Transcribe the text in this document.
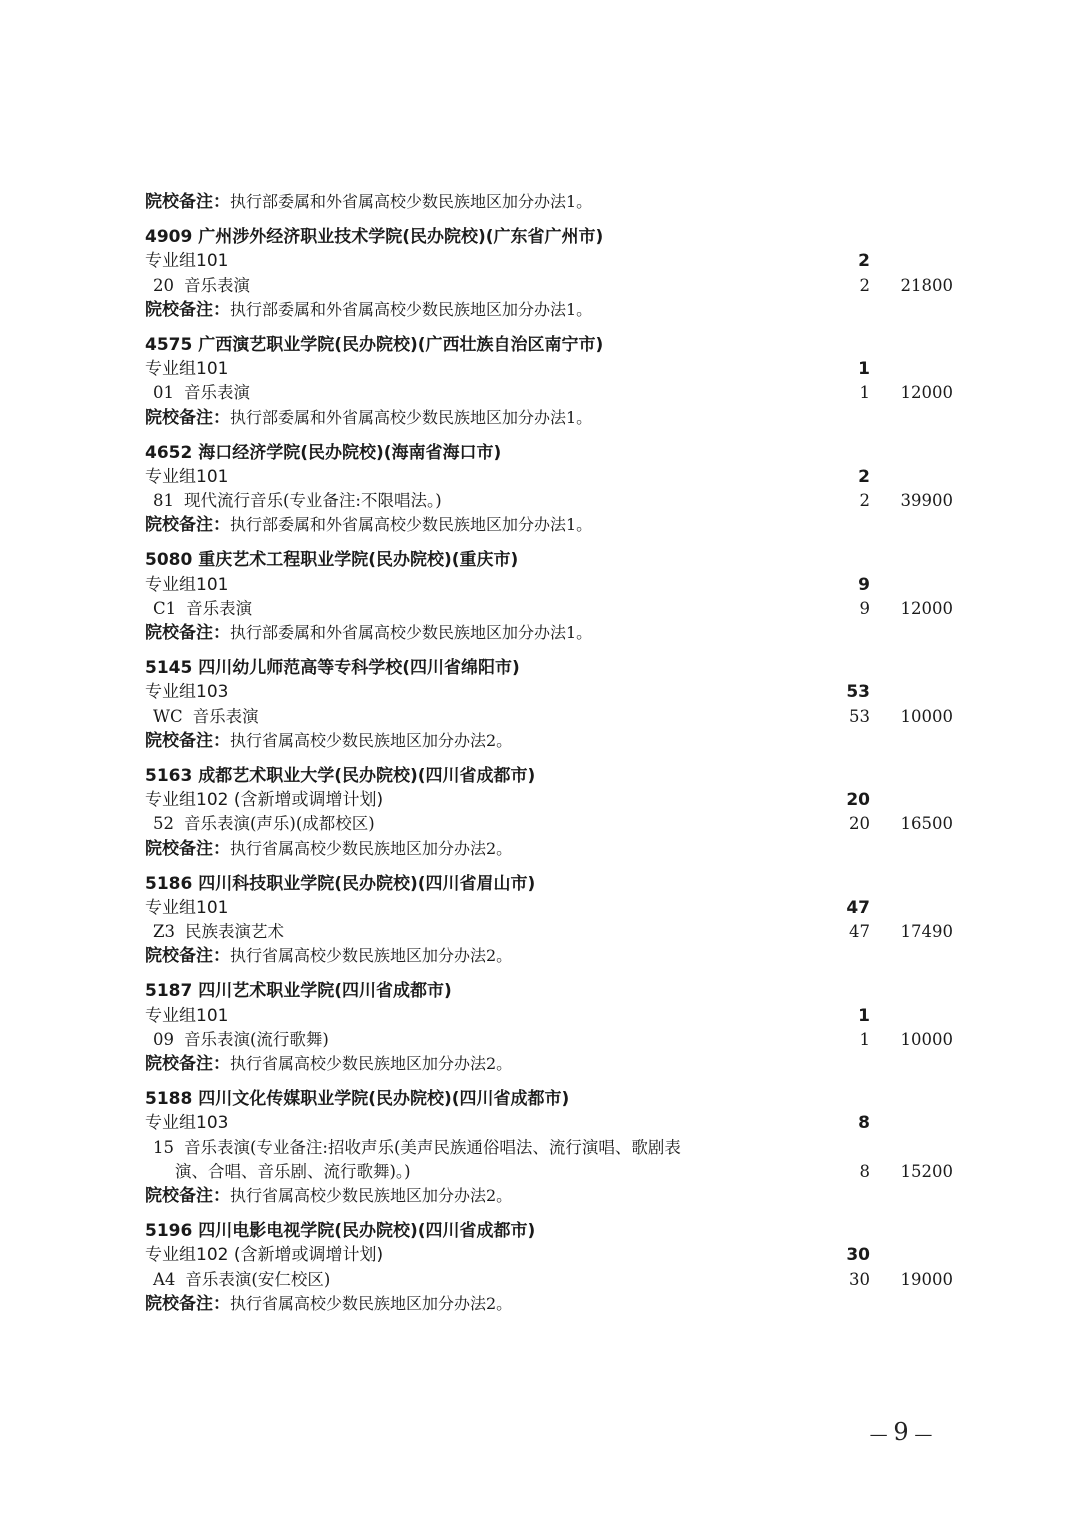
院校备注：执行部委属和外省属高校少数民族地区加分办法1。
4909 广州涉外经济职业技术学院(民办院校)(广东省广州市)
专业组101	2
20 音乐表演	2 21800
院校备注：执行部委属和外省属高校少数民族地区加分办法1。
4575 广西演艺职业学院(民办院校)(广西壮族自治区南宁市)
专业组101	1
01 音乐表演	1 12000
院校备注：执行部委属和外省属高校少数民族地区加分办法1。
4652 海口经济学院(民办院校)(海南省海口市)
专业组101	2
81 现代流行音乐(专业备注:不限唱法。)	2 39900
院校备注：执行部委属和外省属高校少数民族地区加分办法1。
5080 重庆艺术工程职业学院(民办院校)(重庆市)
专业组101	9
C1 音乐表演	9 12000
院校备注：执行部委属和外省属高校少数民族地区加分办法1。
5145 四川幼儿师范高等专科学校(四川省绵阳市)
专业组103	53
WC 音乐表演	53 10000
院校备注：执行省属高校少数民族地区加分办法2。
5163 成都艺术职业大学(民办院校)(四川省成都市)
专业组102 (含新增或调增计划)	20
52 音乐表演(声乐)(成都校区)	20 16500
院校备注：执行省属高校少数民族地区加分办法2。
5186 四川科技职业学院(民办院校)(四川省眉山市)
专业组101	47
Z3 民族表演艺术	47 17490
院校备注：执行省属高校少数民族地区加分办法2。
5187 四川艺术职业学院(四川省成都市)
专业组101	1
09 音乐表演(流行歌舞)	1 10000
院校备注：执行省属高校少数民族地区加分办法2。
5188 四川文化传媒职业学院(民办院校)(四川省成都市)
专业组103	8
15 音乐表演(专业备注:招收声乐(美声民族通俗唱法、流行演唱、歌剧表
演、合唱、音乐剧、流行歌舞)。)	8 15200
院校备注：执行省属高校少数民族地区加分办法2。
5196 四川电影电视学院(民办院校)(四川省成都市)
专业组102 (含新增或调增计划)	30
A4 音乐表演(安仁校区)	30 19000
院校备注：执行省属高校少数民族地区加分办法2。
— 9 —
